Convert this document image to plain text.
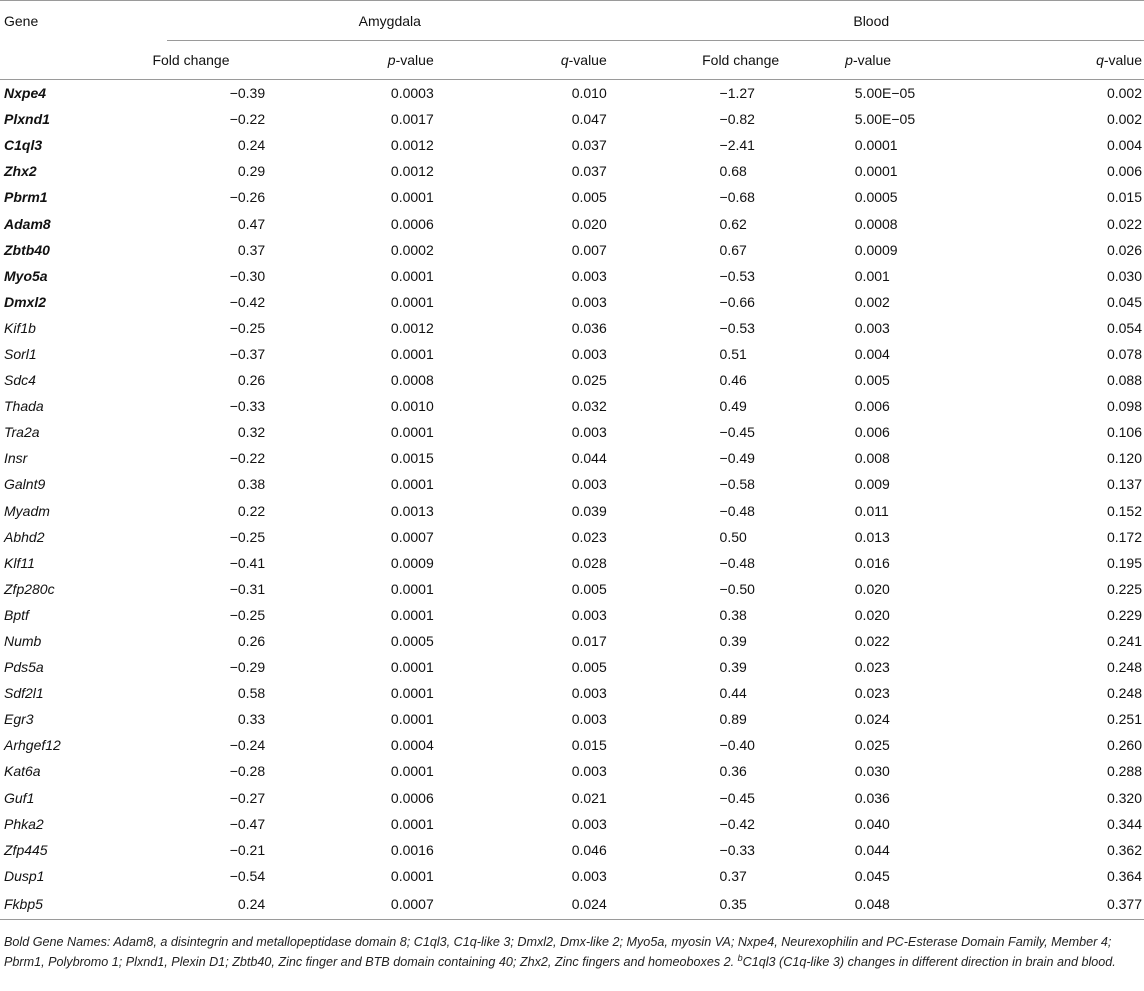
Gene	Amygdala		Blood

	Fold change	p-value	q-value		Fold change	p-value	q-value
Nxpe4	−0.39	0.0003	0.010		−1.27	5.00E−05	0.002
Plxnd1	−0.22	0.0017	0.047		−0.82	5.00E−05	0.002
C1ql3	0.24	0.0012	0.037		−2.41	0.0001	0.004
Zhx2	0.29	0.0012	0.037		0.68	0.0001	0.006
Pbrm1	−0.26	0.0001	0.005		−0.68	0.0005	0.015
Adam8	0.47	0.0006	0.020		0.62	0.0008	0.022
Zbtb40	0.37	0.0002	0.007		0.67	0.0009	0.026
Myo5a	−0.30	0.0001	0.003		−0.53	0.001	0.030
Dmxl2	−0.42	0.0001	0.003		−0.66	0.002	0.045
Kif1b	−0.25	0.0012	0.036		−0.53	0.003	0.054
Sorl1	−0.37	0.0001	0.003		0.51	0.004	0.078
Sdc4	0.26	0.0008	0.025		0.46	0.005	0.088
Thada	−0.33	0.0010	0.032		0.49	0.006	0.098
Tra2a	0.32	0.0001	0.003		−0.45	0.006	0.106
Insr	−0.22	0.0015	0.044		−0.49	0.008	0.120
Galnt9	0.38	0.0001	0.003		−0.58	0.009	0.137
Myadm	0.22	0.0013	0.039		−0.48	0.011	0.152
Abhd2	−0.25	0.0007	0.023		0.50	0.013	0.172
Klf11	−0.41	0.0009	0.028		−0.48	0.016	0.195
Zfp280c	−0.31	0.0001	0.005		−0.50	0.020	0.225
Bptf	−0.25	0.0001	0.003		0.38	0.020	0.229
Numb	0.26	0.0005	0.017		0.39	0.022	0.241
Pds5a	−0.29	0.0001	0.005		0.39	0.023	0.248
Sdf2l1	0.58	0.0001	0.003		0.44	0.023	0.248
Egr3	0.33	0.0001	0.003		0.89	0.024	0.251
Arhgef12	−0.24	0.0004	0.015		−0.40	0.025	0.260
Kat6a	−0.28	0.0001	0.003		0.36	0.030	0.288
Guf1	−0.27	0.0006	0.021		−0.45	0.036	0.320
Phka2	−0.47	0.0001	0.003		−0.42	0.040	0.344
Zfp445	−0.21	0.0016	0.046		−0.33	0.044	0.362
Dusp1	−0.54	0.0001	0.003		0.37	0.045	0.364
Fkbp5	0.24	0.0007	0.024		0.35	0.048	0.377
Bold Gene Names: Adam8, a disintegrin and metallopeptidase domain 8; C1ql3, C1q-like 3; Dmxl2, Dmx-like 2; Myo5a, myosin VA; Nxpe4, Neurexophilin and PC-Esterase Domain Family, Member 4; Pbrm1, Polybromo 1; Plxnd1, Plexin D1; Zbtb40, Zinc finger and BTB domain containing 40; Zhx2, Zinc fingers and homeoboxes 2. $^b$C1ql3 (C1q-like 3) changes in different direction in brain and blood.
